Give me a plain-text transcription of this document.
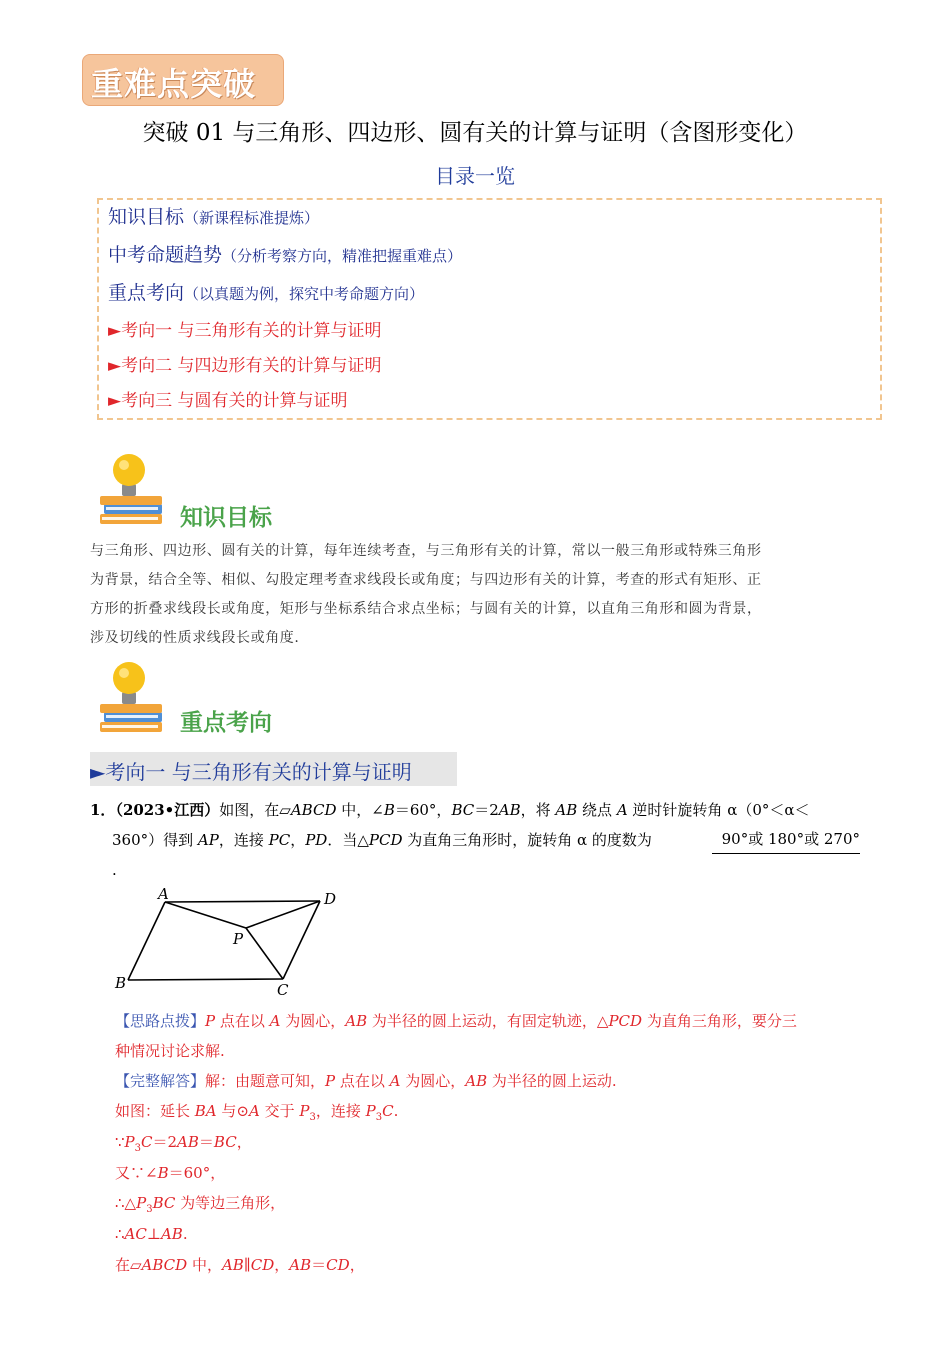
重难点突破
突破 01 与三角形、四边形、圆有关的计算与证明（含图形变化）
目录一览
知识目标（新课程标准提炼）
中考命题趋势（分析考察方向，精准把握重难点）
重点考向（以真题为例，探究中考命题方向）
►考向一 与三角形有关的计算与证明
►考向二 与四边形有关的计算与证明
►考向三 与圆有关的计算与证明
知识目标
与三角形、四边形、圆有关的计算，每年连续考查，与三角形有关的计算，常以一般三角形或特殊三角形
为背景，结合全等、相似、勾股定理考查求线段长或角度；与四边形有关的计算，考查的形式有矩形、正
方形的折叠求线段长或角度，矩形与坐标系结合求点坐标；与圆有关的计算，以直角三角形和圆为背景，
涉及切线的性质求线段长或角度.
重点考向
►考向一 与三角形有关的计算与证明
1．（2023•江西）如图，在▱ABCD 中，∠B＝60°，BC＝2AB，将 AB 绕点 A 逆时针旋转角 α（0°＜α＜
360°）得到 AP，连接 PC，PD．当△PCD 为直角三角形时，旋转角 α 的度数为	90°或 180°或 270°
.
A	D
P
B	C
【思路点拨】P 点在以 A 为圆心，AB 为半径的圆上运动，有固定轨迹，△PCD 为直角三角形，要分三
种情况讨论求解.
【完整解答】解：由题意可知，P 点在以 A 为圆心，AB 为半径的圆上运动.
如图：延长 BA 与⊙A 交于 $P_3$，连接 $P_3C$.
$\because P_3C=2AB=BC$，
又∵∠B＝60°，
$\therefore\triangle P_3BC$ 为等边三角形，
∴AC⊥AB.
在▱ABCD 中，AB∥CD，AB＝CD，
